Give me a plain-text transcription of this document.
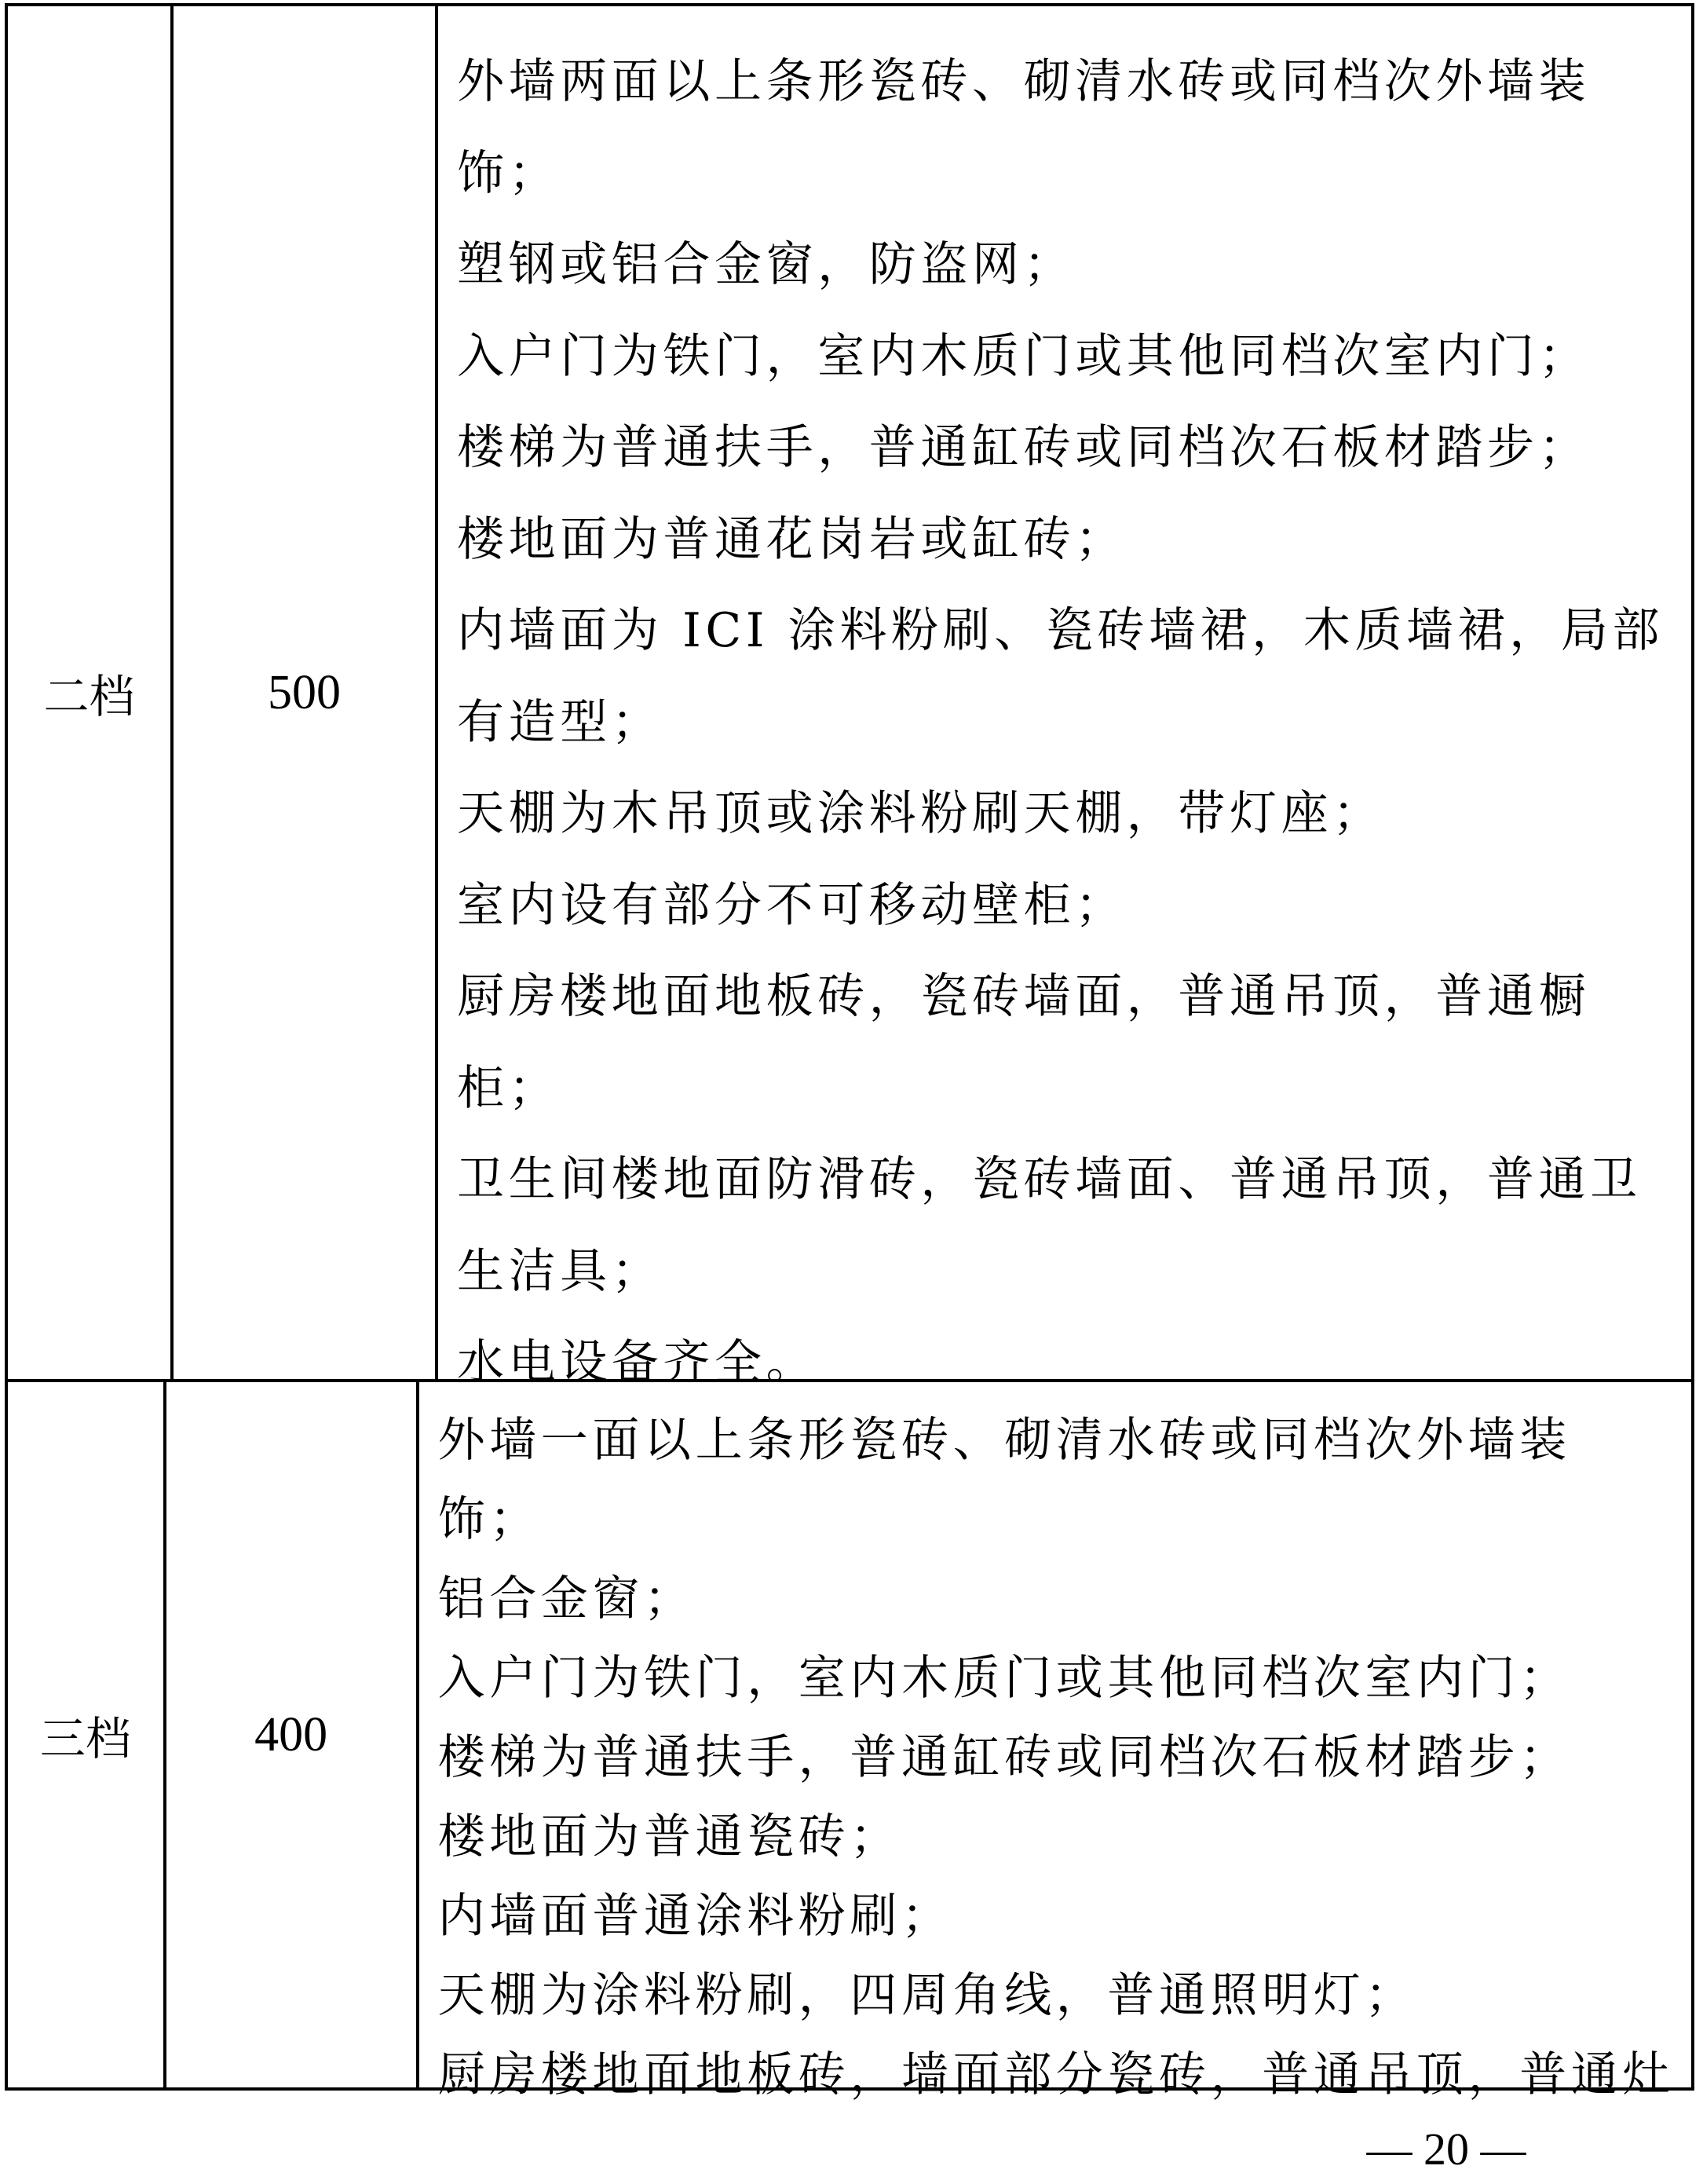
二档	500
外墙两面以上条形瓷砖、砌清水砖或同档次外墙装
饰；
塑钢或铝合金窗，防盗网；
入户门为铁门，室内木质门或其他同档次室内门；
楼梯为普通扶手，普通缸砖或同档次石板材踏步；
楼地面为普通花岗岩或缸砖；
内墙面为 ICI 涂料粉刷、瓷砖墙裙，木质墙裙，局部
有造型；
天棚为木吊顶或涂料粉刷天棚，带灯座；
室内设有部分不可移动壁柜；
厨房楼地面地板砖，瓷砖墙面，普通吊顶，普通橱
柜；
卫生间楼地面防滑砖，瓷砖墙面、普通吊顶，普通卫
生洁具；
水电设备齐全。
三档	400
外墙一面以上条形瓷砖、砌清水砖或同档次外墙装
饰；
铝合金窗；
入户门为铁门，室内木质门或其他同档次室内门；
楼梯为普通扶手，普通缸砖或同档次石板材踏步；
楼地面为普通瓷砖；
内墙面普通涂料粉刷；
天棚为涂料粉刷，四周角线，普通照明灯；
厨房楼地面地板砖，墙面部分瓷砖，普通吊顶，普通灶
— 20 —
